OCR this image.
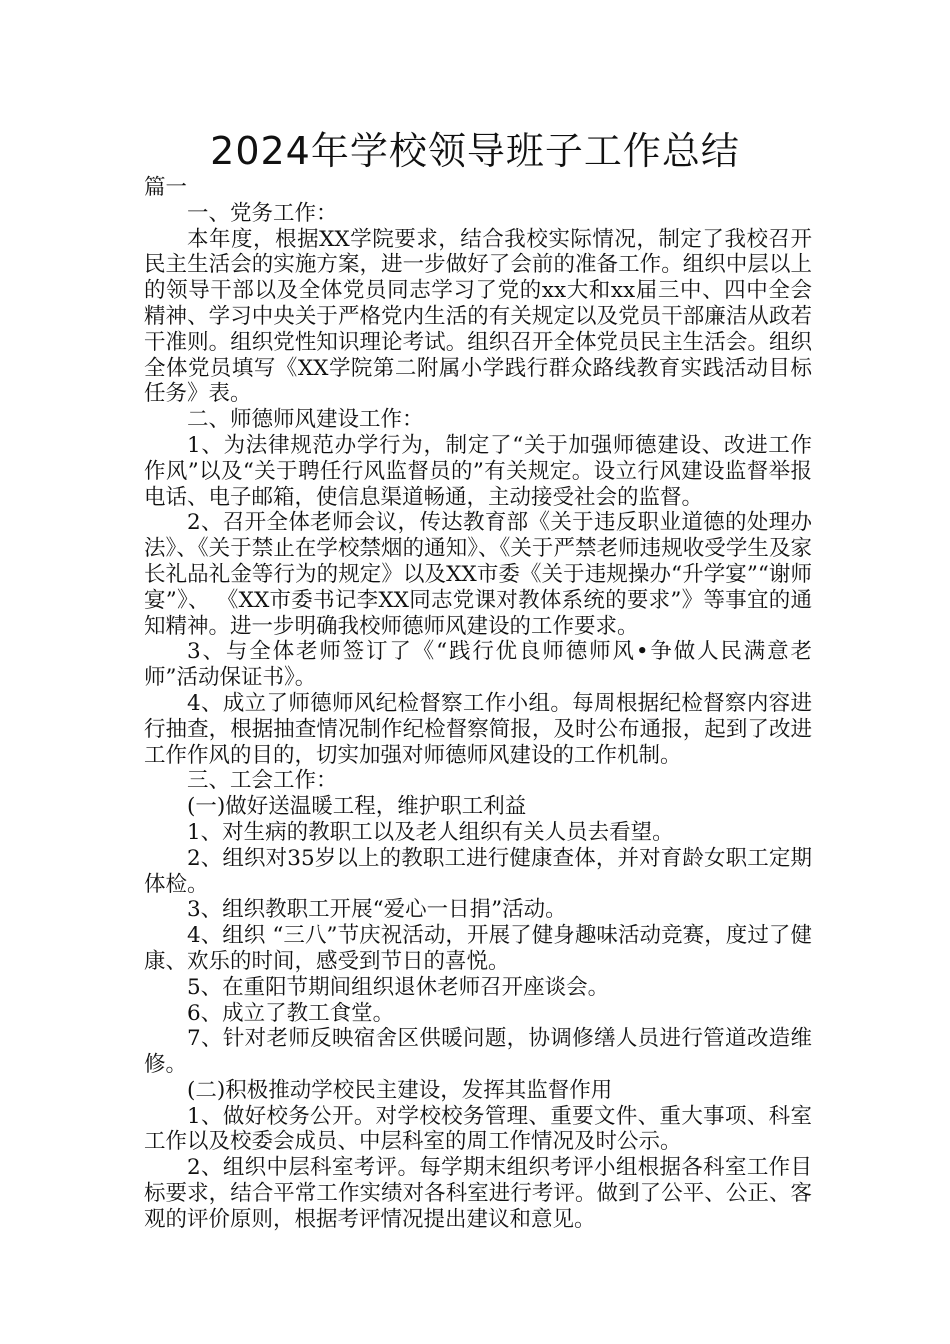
2024年学校领导班子工作总结

篇一

一、党务工作：

本年度，根据XX学院要求，结合我校实际情况，制定了我校召开民主生活会的实施方案，进一步做好了会前的准备工作。组织中层以上的领导干部以及全体党员同志学习了党的xx大和xx届三中、四中全会精神、学习中央关于严格党内生活的有关规定以及党员干部廉洁从政若干准则。组织党性知识理论考试。组织召开全体党员民主生活会。组织全体党员填写《XX学院第二附属小学践行群众路线教育实践活动目标任务》表。

二、师德师风建设工作：

1、为法律规范办学行为，制定了“关于加强师德建设、改进工作作风”以及“关于聘任行风监督员的”有关规定。设立行风建设监督举报电话、电子邮箱，使信息渠道畅通，主动接受社会的监督。

2、召开全体老师会议，传达教育部《关于违反职业道德的处理办法》、《关于禁止在学校禁烟的通知》、《关于严禁老师违规收受学生及家长礼品礼金等行为的规定》以及XX市委《关于违规操办“升学宴”“谢师宴”》、 《XX市委书记李XX同志党课对教体系统的要求”》等事宜的通知精神。进一步明确我校师德师风建设的工作要求。

3、与全体老师签订了《“践行优良师德师风•争做人民满意老师”活动保证书》。

4、成立了师德师风纪检督察工作小组。每周根据纪检督察内容进行抽查，根据抽查情况制作纪检督察简报，及时公布通报，起到了改进工作作风的目的，切实加强对师德师风建设的工作机制。

三、工会工作：

(一)做好送温暖工程，维护职工利益

1、对生病的教职工以及老人组织有关人员去看望。

2、组织对35岁以上的教职工进行健康查体，并对育龄女职工定期体检。

3、组织教职工开展“爱心一日捐”活动。

4、组织 “三八”节庆祝活动，开展了健身趣味活动竞赛，度过了健康、欢乐的时间，感受到节日的喜悦。

5、在重阳节期间组织退休老师召开座谈会。

6、成立了教工食堂。

7、针对老师反映宿舍区供暖问题，协调修缮人员进行管道改造维修。

(二)积极推动学校民主建设，发挥其监督作用

1、做好校务公开。对学校校务管理、重要文件、重大事项、科室工作以及校委会成员、中层科室的周工作情况及时公示。

2、组织中层科室考评。每学期末组织考评小组根据各科室工作目标要求，结合平常工作实绩对各科室进行考评。做到了公平、公正、客观的评价原则，根据考评情况提出建议和意见。
